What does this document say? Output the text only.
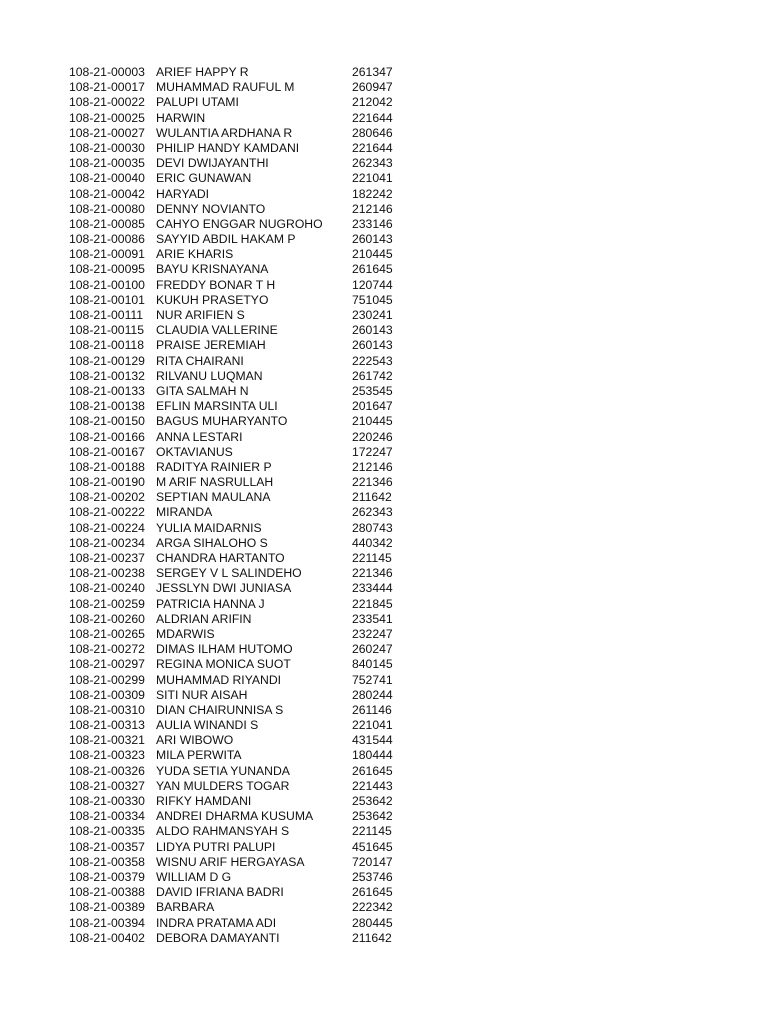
108-21-00003 ARIEF HAPPY R	261347
108-21-00017 MUHAMMAD RAUFUL M	260947
108-21-00022 PALUPI UTAMI	212042
108-21-00025 HARWIN	221644
108-21-00027 WULANTIA ARDHANA R	280646
108-21-00030 PHILIP HANDY KAMDANI	221644
108-21-00035 DEVI DWIJAYANTHI	262343
108-21-00040 ERIC GUNAWAN	221041
108-21-00042 HARYADI	182242
108-21-00080 DENNY NOVIANTO	212146
108-21-00085 CAHYO ENGGAR NUGROHO	233146
108-21-00086 SAYYID ABDIL HAKAM P	260143
108-21-00091 ARIE KHARIS	210445
108-21-00095 BAYU KRISNAYANA	261645
108-21-00100 FREDDY BONAR T H	120744
108-21-00101 KUKUH PRASETYO	751045
108-21-00111	NUR ARIFIEN S	230241
108-21-00115 CLAUDIA VALLERINE	260143
108-21-00118 PRAISE JEREMIAH	260143
108-21-00129 RITA CHAIRANI	222543
108-21-00132 RILVANU LUQMAN	261742
108-21-00133 GITA SALMAH N	253545
108-21-00138 EFLIN MARSINTA ULI	201647
108-21-00150 BAGUS MUHARYANTO	210445
108-21-00166 ANNA LESTARI	220246
108-21-00167 OKTAVIANUS	172247
108-21-00188 RADITYA RAINIER P	212146
108-21-00190 M ARIF NASRULLAH	221346
108-21-00202 SEPTIAN MAULANA	211642
108-21-00222 MIRANDA	262343
108-21-00224 YULIA MAIDARNIS	280743
108-21-00234 ARGA SIHALOHO S	440342
108-21-00237 CHANDRA HARTANTO	221145
108-21-00238 SERGEY V L SALINDEHO	221346
108-21-00240 JESSLYN DWI JUNIASA	233444
108-21-00259 PATRICIA HANNA J	221845
108-21-00260 ALDRIAN ARIFIN	233541
108-21-00265 MDARWIS	232247
108-21-00272 DIMAS ILHAM HUTOMO	260247
108-21-00297 REGINA MONICA SUOT	840145
108-21-00299 MUHAMMAD RIYANDI	752741
108-21-00309 SITI NUR AISAH	280244
108-21-00310 DIAN CHAIRUNNISA S	261146
108-21-00313 AULIA WINANDI S	221041
108-21-00321 ARI WIBOWO	431544
108-21-00323 MILA PERWITA	180444
108-21-00326 YUDA SETIA YUNANDA	261645
108-21-00327 YAN MULDERS TOGAR	221443
108-21-00330 RIFKY HAMDANI	253642
108-21-00334 ANDREI DHARMA KUSUMA	253642
108-21-00335 ALDO RAHMANSYAH S	221145
108-21-00357 LIDYA PUTRI PALUPI	451645
108-21-00358 WISNU ARIF HERGAYASA	720147
108-21-00379 WILLIAM D G	253746
108-21-00388 DAVID IFRIANA BADRI	261645
108-21-00389 BARBARA	222342
108-21-00394 INDRA PRATAMA ADI	280445
108-21-00402 DEBORA DAMAYANTI	211642
